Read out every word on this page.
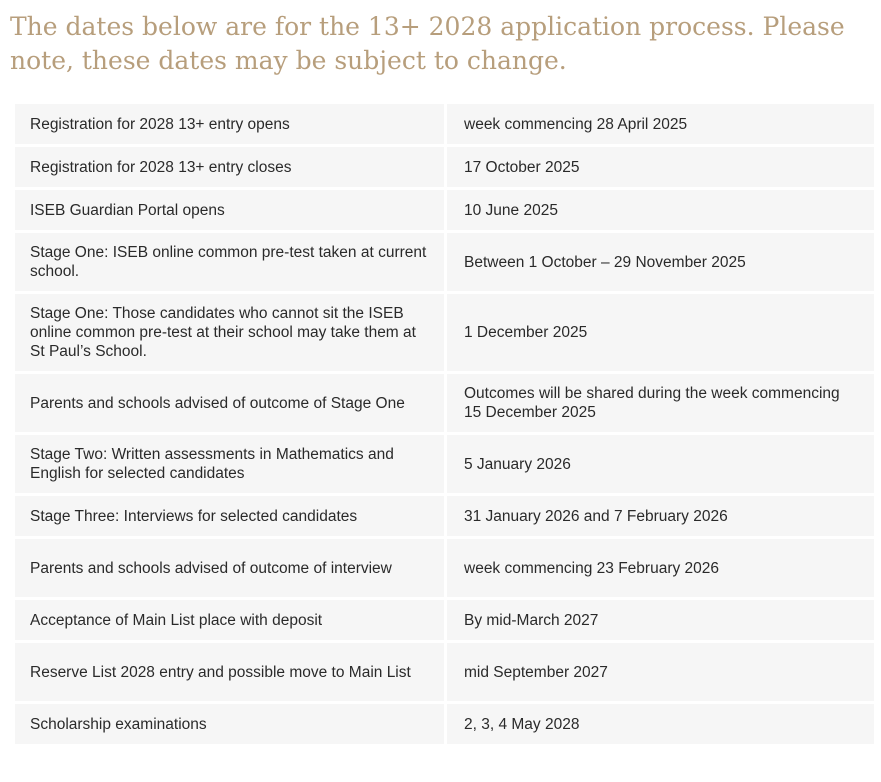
The dates below are for the 13+ 2028 application process. Please note, these dates may be subject to change.

Registration for 2028 13+ entry opens	week commencing 28 April 2025
Registration for 2028 13+ entry closes	17 October 2025
ISEB Guardian Portal opens	10 June 2025
Stage One: ISEB online common pre-test taken at current school.	Between 1 October – 29 November 2025
Stage One: Those candidates who cannot sit the ISEB online common pre-test at their school may take them at St Paul’s School.	1 December 2025
Parents and schools advised of outcome of Stage One	Outcomes will be shared during the week commencing 15 December 2025
Stage Two: Written assessments in Mathematics and English for selected candidates	5 January 2026
Stage Three: Interviews for selected candidates	31 January 2026 and 7 February 2026
Parents and schools advised of outcome of interview	week commencing 23 February 2026
Acceptance of Main List place with deposit	By mid-March 2027
Reserve List 2028 entry and possible move to Main List	mid September 2027
Scholarship examinations	2, 3, 4 May 2028
